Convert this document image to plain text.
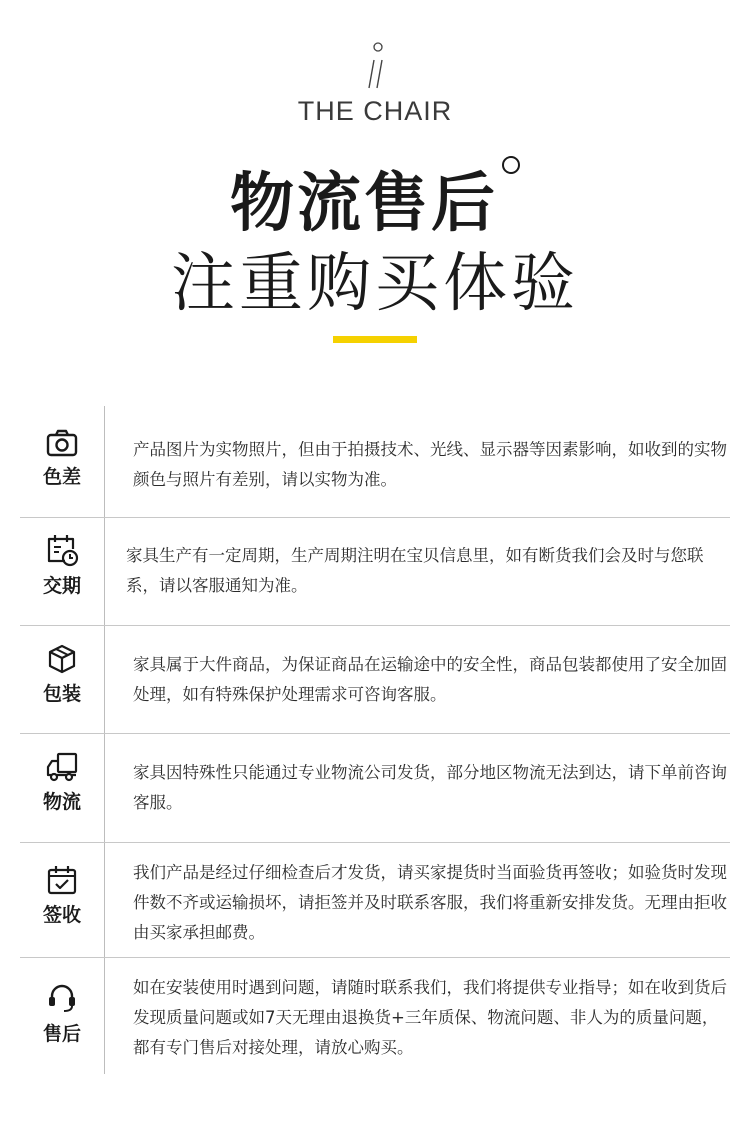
THE CHAIR
物流售后
注重购买体验
色差
产品图片为实物照片，但由于拍摄技术、光线、显示器等因素影响，如收到的实物颜色与照片有差别，请以实物为准。
交期
家具生产有一定周期，生产周期注明在宝贝信息里，如有断货我们会及时与您联系，请以客服通知为准。
包装
家具属于大件商品，为保证商品在运输途中的安全性，商品包装都使用了安全加固处理，如有特殊保护处理需求可咨询客服。
物流
家具因特殊性只能通过专业物流公司发货，部分地区物流无法到达，请下单前咨询客服。
签收
我们产品是经过仔细检查后才发货，请买家提货时当面验货再签收；如验货时发现件数不齐或运输损坏，请拒签并及时联系客服，我们将重新安排发货。无理由拒收由买家承担邮费。
售后
如在安装使用时遇到问题，请随时联系我们，我们将提供专业指导；如在收到货后发现质量问题或如7天无理由退换货+三年质保、物流问题、非人为的质量问题，都有专门售后对接处理，请放心购买。
